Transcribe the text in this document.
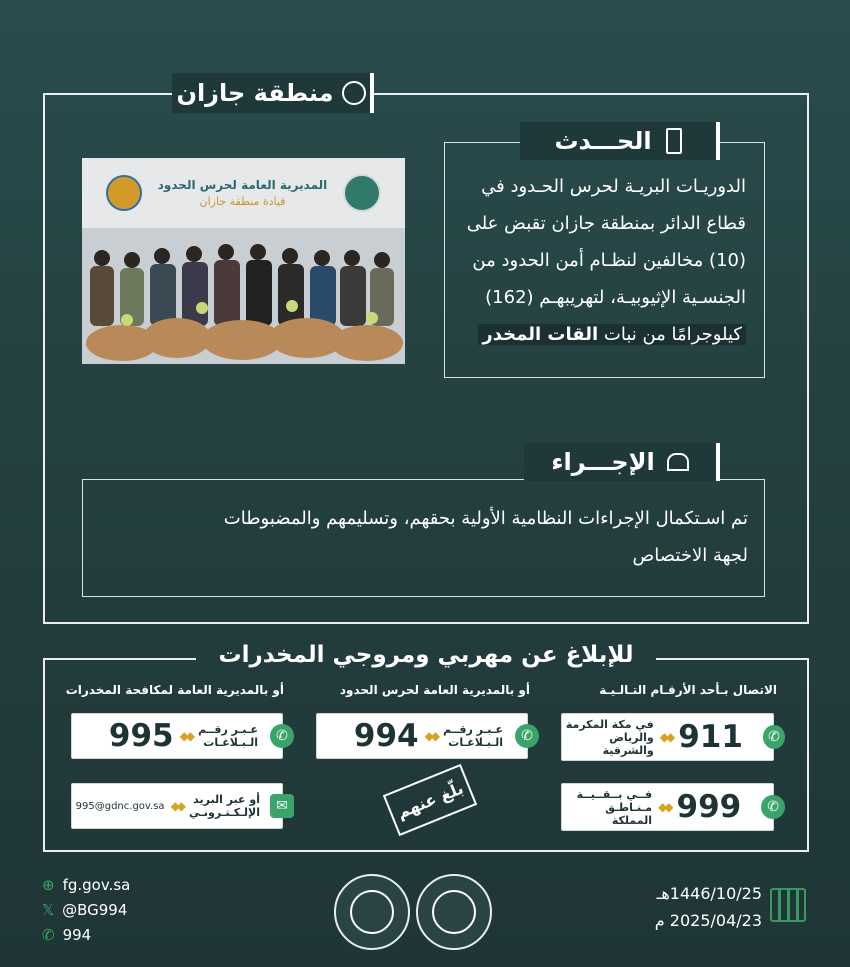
منطقة جازان
المديرية العامة لحرس الحدود
قيادة منطقة جازان
الحـــدث
الدوريـات البريـة لحرس الحـدود في
قطاع الدائر بمنطقة جازان تقبض على
(10) مخالفين لنظـام أمن الحدود من
الجنسـية الإثيوبيـة، لتهريبهـم (162)
كيلوجرامًا من نبات القات المخدر
الإجـــراء
تم اسـتكمال الإجراءات النظامية الأولية بحقهم، وتسليمهم والمضبوطات
لجهة الاختصاص
للإبلاغ عن مهربي ومروجي المخدرات
الاتصال بـأحد الأرقـام التـالـيـة
أو بالمديرية العامة لحرس الحدود
أو بالمديرية العامة لمكافحة المخدرات
✆
911
◆◆
في مكة المكرمة
والرياض والشرقية
✆
999
◆◆
فــي بــقــيــة
مـنـاطـق المملكة
✆
عـبـر رقــم
الـبـلاغـات
◆◆
994
✆
عـبـر رقــم
الـبـلاغـات
◆◆
995
✉
أو عبر البريد
الإلـكـتـرونـي
◆◆
995@gdnc.gov.sa	بلّغ عنهم
⊕ fg.gov.sa
𝕏 @BG994
✆ 994
1446/10/25هـ
2025/04/23 م
